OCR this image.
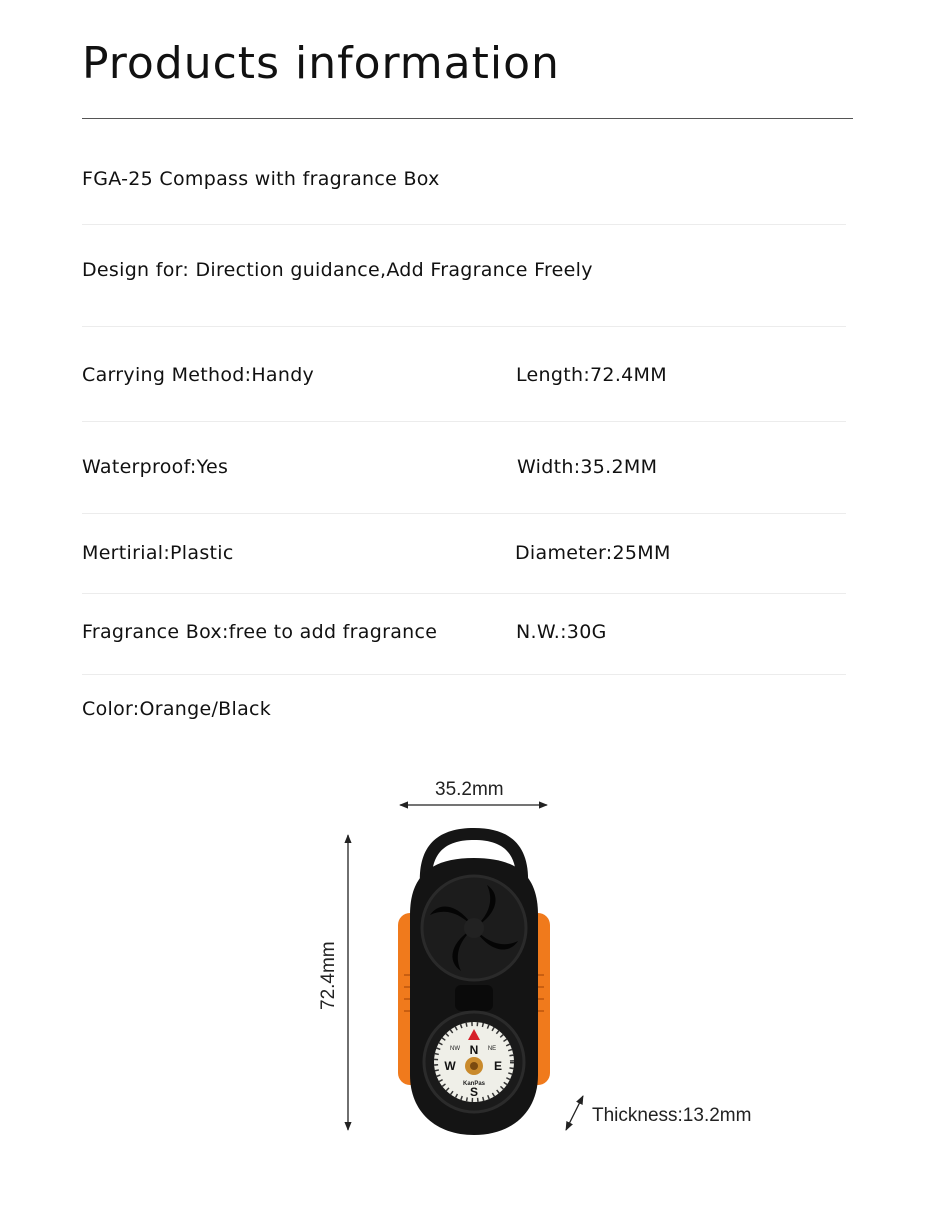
Products information
FGA-25 Compass with fragrance Box
Design for: Direction guidance,Add Fragrance Freely
Carrying Method:Handy	Length:72.4MM
Waterproof:Yes	Width:35.2MM
Mertirial:Plastic	Diameter:25MM
Fragrance Box:free to add fragrance	N.W.:30G
Color:Orange/Black
N
S
W	E
NW	NE
KanPas
35.2mm
72.4mm
Thickness:13.2mm
